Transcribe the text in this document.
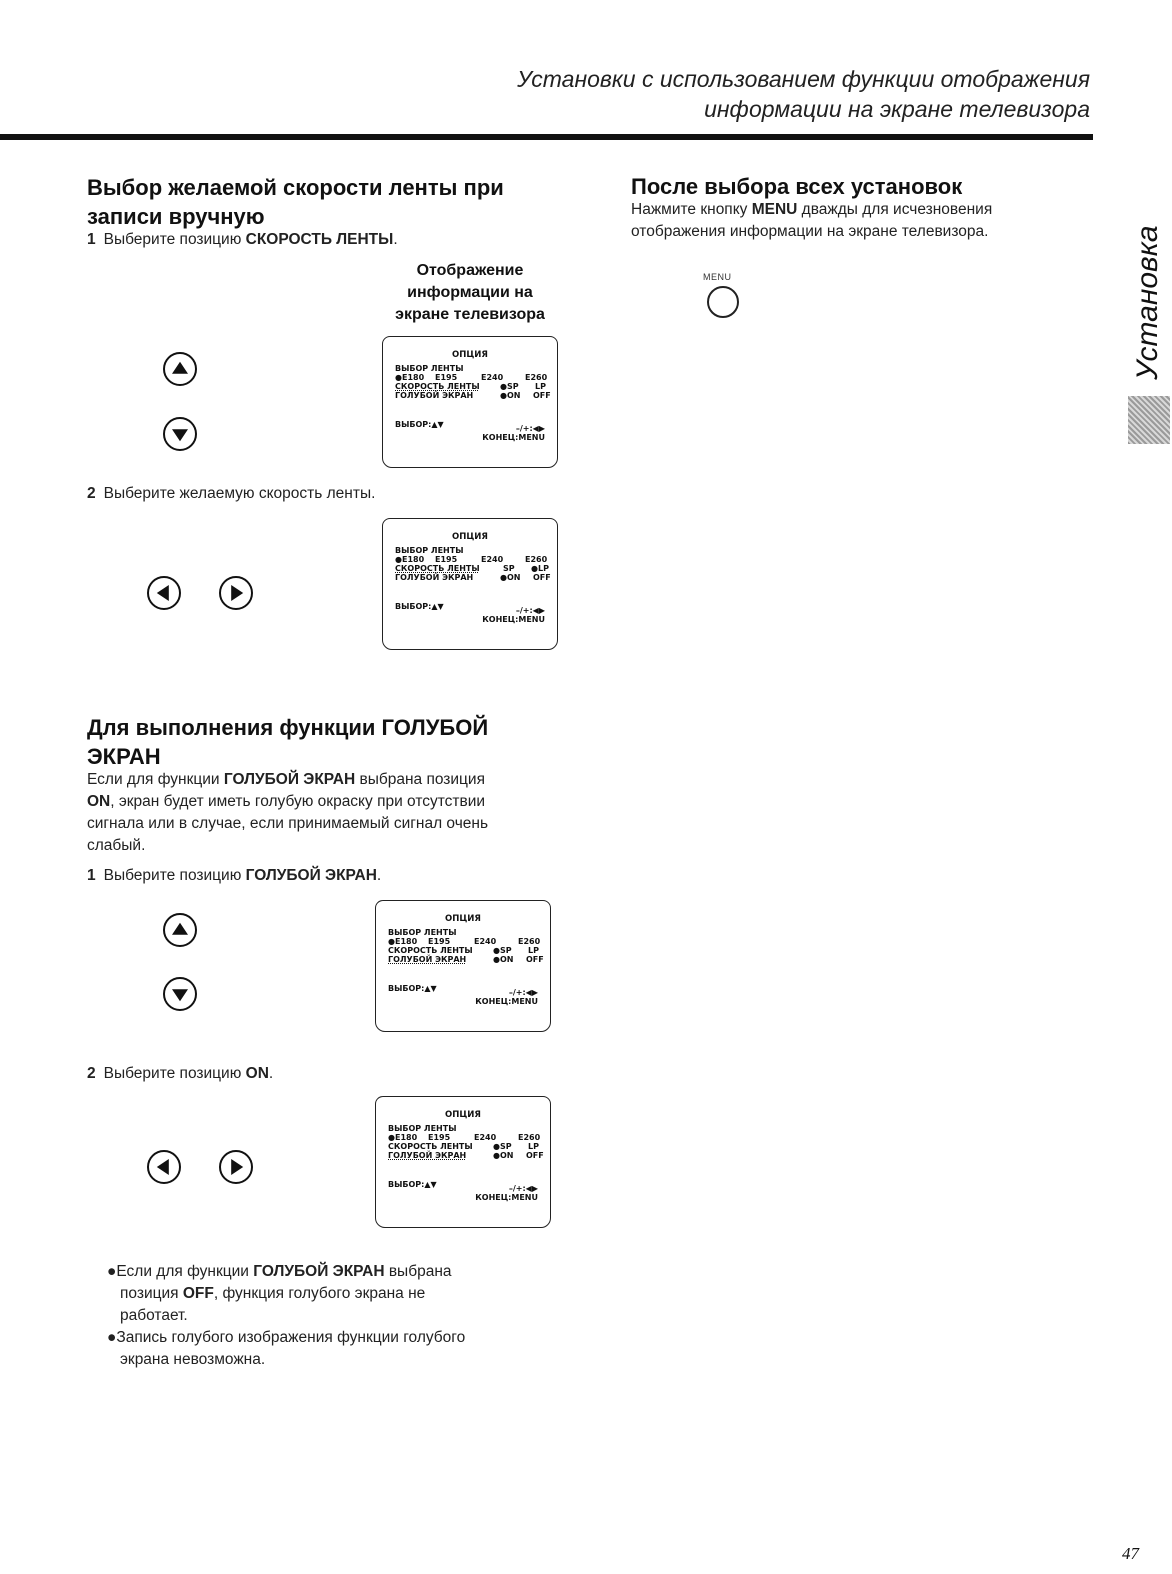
Установки с использованием функции отображения
информации на экране телевизора
Выбор желаемой скорости ленты при
записи вручную
1 Выберите позицию СКОРОСТЬ ЛЕНТЫ.
Отображение
информации на
экране телевизора
ОПЦИЯ
ВЫБОР ЛЕНТЫ
●E180 E195	E240	E260
СКОРОСТЬ ЛЕНТЫ	●SP LP
ГОЛУБОЙ ЭКРАН	●ON OFF
ВЫБОР:▲▼	–/+:◀▶
КОНЕЦ:MENU
2 Выберите желаемую скорость ленты.
ОПЦИЯ
ВЫБОР ЛЕНТЫ
●E180 E195	E240	E260
СКОРОСТЬ ЛЕНТЫ	SP ●LP
ГОЛУБОЙ ЭКРАН	●ON OFF
ВЫБОР:▲▼	–/+:◀▶
КОНЕЦ:MENU
Для выполнения функции ГОЛУБОЙ
ЭКРАН
Если для функции ГОЛУБОЙ ЭКРАН выбрана позиция
ON, экран будет иметь голубую окраску при отсутствии
сигнала или в случае, если принимаемый сигнал очень
слабый.
1 Выберите позицию ГОЛУБОЙ ЭКРАН.
ОПЦИЯ
ВЫБОР ЛЕНТЫ
●E180 E195	E240	E260
СКОРОСТЬ ЛЕНТЫ	●SP LP
ГОЛУБОЙ ЭКРАН	●ON OFF
ВЫБОР:▲▼	–/+:◀▶
КОНЕЦ:MENU
2 Выберите позицию ON.
ОПЦИЯ
ВЫБОР ЛЕНТЫ
●E180 E195	E240	E260
СКОРОСТЬ ЛЕНТЫ	●SP LP
ГОЛУБОЙ ЭКРАН	●ON OFF
ВЫБОР:▲▼	–/+:◀▶
КОНЕЦ:MENU
●Если для функции ГОЛУБОЙ ЭКРАН выбрана
позиция OFF, функция голубого экрана не
работает.
●Запись голубого изображения функции голубого
экрана невозможна.
После выбора всех установок
Нажмите кнопку MENU дважды для исчезновения
отображения информации на экране телевизора.
MENU	Установка
47
